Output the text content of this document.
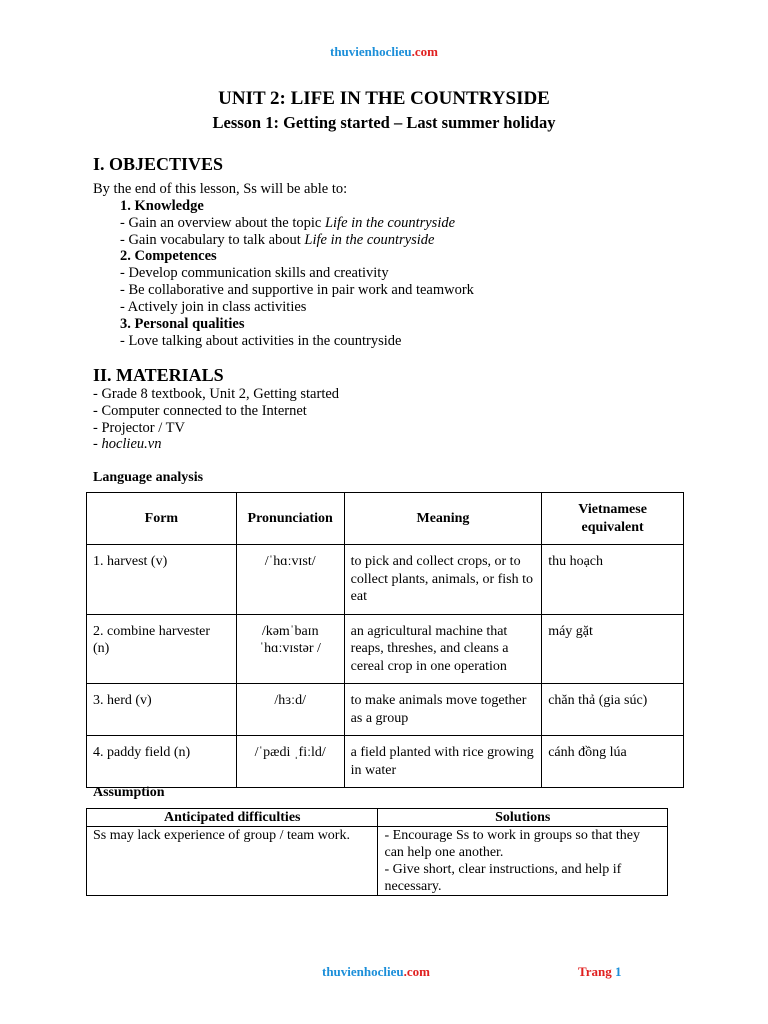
thuvienhoclieu.com
UNIT 2: LIFE IN THE COUNTRYSIDE
Lesson 1: Getting started – Last summer holiday
I. OBJECTIVES
By the end of this lesson, Ss will be able to:
1. Knowledge
- Gain an overview about the topic Life in the countryside
- Gain vocabulary to talk about Life in the countryside
2. Competences
- Develop communication skills and creativity
- Be collaborative and supportive in pair work and teamwork
- Actively join in class activities
3. Personal qualities
- Love talking about activities in the countryside
II. MATERIALS
- Grade 8 textbook, Unit 2, Getting started
- Computer connected to the Internet
- Projector / TV
- hoclieu.vn
Language analysis
Form	Pronunciation	Meaning	Vietnamese equivalent
1. harvest (v)	/ˈhɑːvɪst/	to pick and collect crops, or to collect plants, animals, or fish to eat	thu hoạch
2. combine harvester (n)	/kəmˈbaɪn ˈhɑːvɪstər /	an agricultural machine that reaps, threshes, and cleans a cereal crop in one operation	máy gặt
3. herd (v)	/hɜːd/	to make animals move together as a group	chăn thả (gia súc)
4. paddy field (n)	/ˈpædi ˌfiːld/	a field planted with rice growing in water	cánh đồng lúa
Assumption
Anticipated difficulties	Solutions
Ss may lack experience of group / team work.	- Encourage Ss to work in groups so that they can help one another.
- Give short, clear instructions, and help if necessary.
thuvienhoclieu.com	Trang 1
